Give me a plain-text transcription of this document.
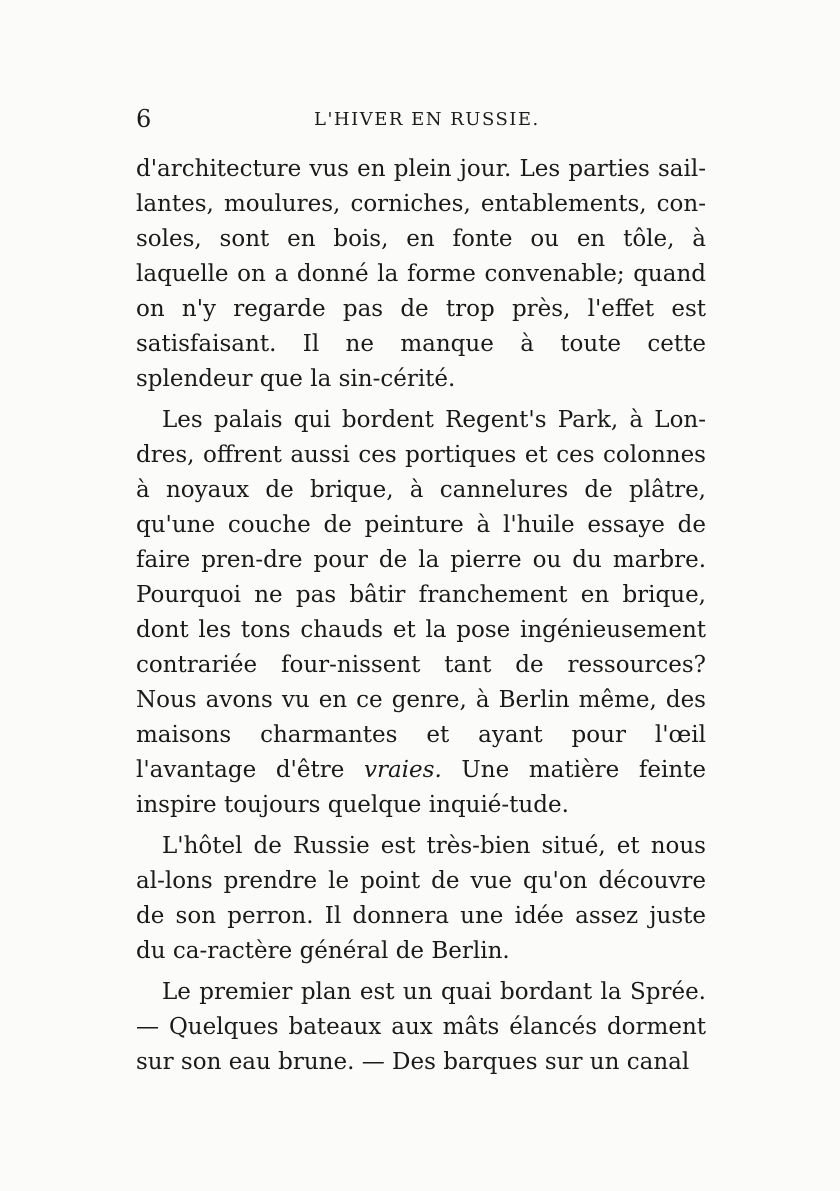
6	L'HIVER EN RUSSIE.

d'architecture vus en plein jour. Les parties sail-lantes, moulures, corniches, entablements, con-soles, sont en bois, en fonte ou en tôle, à laquelle on a donné la forme convenable; quand on n'y regarde pas de trop près, l'effet est satisfaisant. Il ne manque à toute cette splendeur que la sin-cérité.

Les palais qui bordent Regent's Park, à Lon-dres, offrent aussi ces portiques et ces colonnes à noyaux de brique, à cannelures de plâtre, qu'une couche de peinture à l'huile essaye de faire pren-dre pour de la pierre ou du marbre. Pourquoi ne pas bâtir franchement en brique, dont les tons chauds et la pose ingénieusement contrariée four-nissent tant de ressources? Nous avons vu en ce genre, à Berlin même, des maisons charmantes et ayant pour l'œil l'avantage d'être vraies. Une matière feinte inspire toujours quelque inquié-tude.

L'hôtel de Russie est très-bien situé, et nous al-lons prendre le point de vue qu'on découvre de son perron. Il donnera une idée assez juste du ca-ractère général de Berlin.

Le premier plan est un quai bordant la Sprée. — Quelques bateaux aux mâts élancés dorment sur son eau brune. — Des barques sur un canal
